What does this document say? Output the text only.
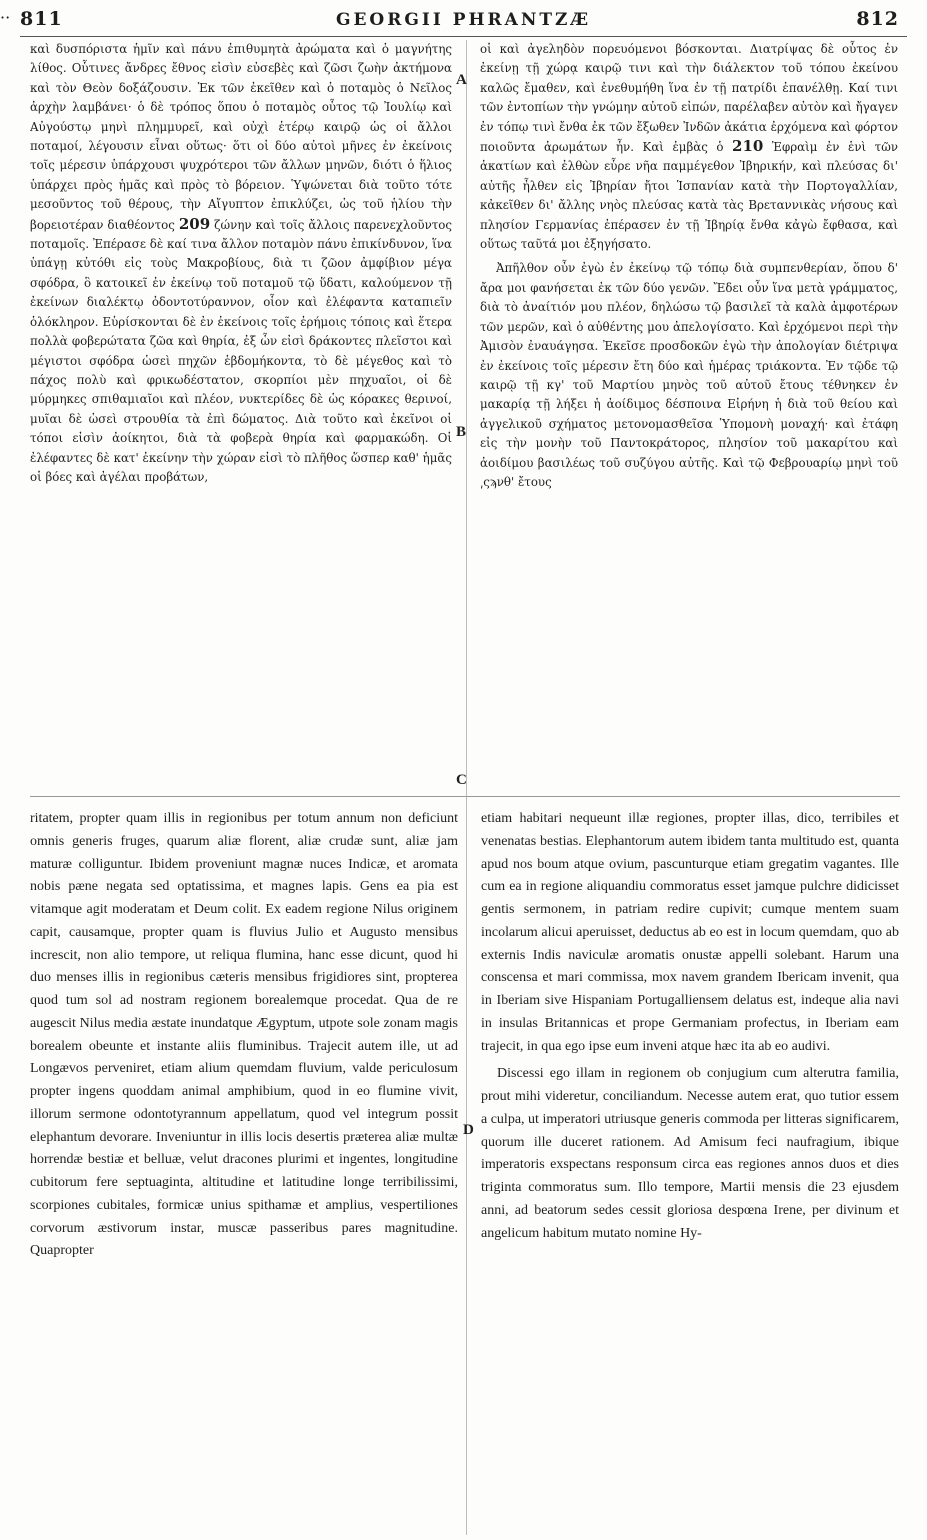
·· 811	GEORGII PHRANTZÆ	812

καὶ δυσπόριστα ἡμῖν καὶ πάνυ ἐπιθυμητὰ ἀρώματα καὶ ὁ μαγνήτης λίθος. Οὗτινες ἄνδρες ἔθνος εἰσὶν εὐσεβὲς καὶ ζῶσι ζωὴν ἀκτήμονα καὶ τὸν Θεὸν δοξάζουσιν. Ἐκ τῶν ἐκεῖθεν καὶ ὁ ποταμὸς ὁ Νεῖλος ἀρχὴν λαμβάνει· ὁ δὲ τρόπος ὅπου ὁ ποταμὸς οὗτος τῷ Ἰουλίῳ καὶ Αὐγούστῳ μηνὶ πλημμυρεῖ, καὶ οὐχὶ ἑτέρῳ καιρῷ ὡς οἱ ἄλλοι ποταμοί, λέγουσιν εἶναι οὕτως· ὅτι οἱ δύο αὐτοὶ μῆνες ἐν ἐκείνοις τοῖς μέρεσιν ὑπάρχουσι ψυχρότεροι τῶν ἄλλων μηνῶν, διότι ὁ ἥλιος ὑπάρχει πρὸς ἡμᾶς καὶ πρὸς τὸ βόρειον. Ὑψώνεται διὰ τοῦτο τότε μεσοῦντος τοῦ θέρους, τὴν Αἴγυπτον ἐπικλύζει, ὡς τοῦ ἡλίου τὴν βορειοτέραν διαθέοντος 209 ζώνην καὶ τοῖς ἄλλοις παρενεχλοῦντος ποταμοῖς. Ἐπέρασε δὲ καί τινα ἄλλον ποταμὸν πάνυ ἐπικίνδυνον, ἵνα ὑπάγῃ κὐτόθι εἰς τοὺς Μακροβίους, διὰ τι ζῶον ἀμφίβιον μέγα σφόδρα, ὃ κατοικεῖ ἐν ἐκείνῳ τοῦ ποταμοῦ τῷ ὕδατι, καλούμενον τῇ ἐκείνων διαλέκτῳ ὀδοντοτύραννον, οἷον καὶ ἐλέφαντα καταπιεῖν ὁλόκληρον. Εὑρίσκονται δὲ ἐν ἐκείνοις τοῖς ἐρήμοις τόποις καὶ ἕτερα πολλὰ φοβερώτατα ζῶα καὶ θηρία, ἐξ ὧν εἰσὶ δράκοντες πλεῖστοι καὶ μέγιστοι σφόδρα ὡσεὶ πηχῶν ἑβδομήκοντα, τὸ δὲ μέγεθος καὶ τὸ πάχος πολὺ καὶ φρικωδέστατον, σκορπίοι μὲν πηχυαῖοι, οἱ δὲ μύρμηκες σπιθαμιαῖοι καὶ πλέον, νυκτερίδες δὲ ὡς κόρακες θερινοί, μυῖαι δὲ ὡσεὶ στρουθία τὰ ἐπὶ δώματος. Διὰ τοῦτο καὶ ἐκεῖνοι οἱ τόποι εἰσὶν ἀοίκητοι, διὰ τὰ φοβερὰ θηρία καὶ φαρμακώδη. Οἱ ἐλέφαντες δὲ κατ' ἐκείνην τὴν χώραν εἰσὶ τὸ πλῆθος ὥσπερ καθ' ἡμᾶς οἱ βόες καὶ ἀγέλαι προβάτων,

οἱ καὶ ἀγεληδὸν πορευόμενοι βόσκονται. Διατρίψας δὲ οὗτος ἐν ἐκείνῃ τῇ χώρᾳ καιρῷ τινι καὶ τὴν διάλεκτον τοῦ τόπου ἐκείνου καλῶς ἔμαθεν, καὶ ἐνεθυμήθη ἵνα ἐν τῇ πατρίδι ἐπανέλθῃ. Καί τινι τῶν ἐντοπίων τὴν γνώμην αὐτοῦ εἰπών, παρέλαβεν αὐτὸν καὶ ἤγαγεν ἐν τόπῳ τινὶ ἔνθα ἐκ τῶν ἔξωθεν Ἰνδῶν ἀκάτια ἐρχόμενα καὶ φόρτον ποιοῦντα ἀρωμάτων ἦν. Καὶ ἐμβὰς ὁ 210 Ἐφραὶμ ἐν ἑνὶ τῶν ἀκατίων καὶ ἐλθὼν εὗρε νῆα παμμέγεθον Ἰβηρικήν, καὶ πλεύσας δι' αὐτῆς ἦλθεν εἰς Ἰβηρίαν ἤτοι Ἱσπανίαν κατὰ τὴν Πορτογαλλίαν, κἀκεῖθεν δι' ἄλλης νηὸς πλεύσας κατὰ τὰς Βρεταννικὰς νήσους καὶ πλησίον Γερμανίας ἐπέρασεν ἐν τῇ Ἰβηρίᾳ ἔνθα κἀγὼ ἔφθασα, καὶ οὕτως ταῦτά μοι ἐξηγήσατο.

Ἀπῆλθον οὖν ἐγὼ ἐν ἐκείνῳ τῷ τόπῳ διὰ συμπενθερίαν, ὅπου δ' ἄρα μοι φανήσεται ἐκ τῶν δύο γενῶν. Ἔδει οὖν ἵνα μετὰ γράμματος, διὰ τὸ ἀναίτιόν μου πλέον, δηλώσω τῷ βασιλεῖ τὰ καλὰ ἀμφοτέρων τῶν μερῶν, καὶ ὁ αὐθέντης μου ἀπελογίσατο. Καὶ ἐρχόμενοι περὶ τὴν Ἀμισὸν ἐναυάγησα. Ἐκεῖσε προσδοκῶν ἐγὼ τὴν ἀπολογίαν διέτριψα ἐν ἐκείνοις τοῖς μέρεσιν ἔτη δύο καὶ ἡμέρας τριάκοντα. Ἐν τῷδε τῷ καιρῷ τῇ κγ' τοῦ Μαρτίου μηνὸς τοῦ αὐτοῦ ἔτους τέθνηκεν ἐν μακαρίᾳ τῇ λήξει ἡ ἀοίδιμος δέσποινα Εἰρήνη ἡ διὰ τοῦ θείου καὶ ἀγγελικοῦ σχήματος μετονομασθεῖσα Ὑπομονὴ μοναχή· καὶ ἐτάφη εἰς τὴν μονὴν τοῦ Παντοκράτορος, πλησίον τοῦ μακαρίτου καὶ ἀοιδίμου βασιλέως τοῦ συζύγου αὐτῆς. Καὶ τῷ Φεβρουαρίῳ μηνὶ τοῦ ͵ςϡνθ' ἔτους

A
B
C
D

ritatem, propter quam illis in regionibus per totum annum non deficiunt omnis generis fruges, quarum aliæ florent, aliæ crudæ sunt, aliæ jam maturæ colliguntur. Ibidem proveniunt magnæ nuces Indicæ, et aromata nobis pæne negata sed optatissima, et magnes lapis. Gens ea pia est vitamque agit moderatam et Deum colit. Ex eadem regione Nilus originem capit, causamque, propter quam is fluvius Julio et Augusto mensibus increscit, non alio tempore, ut reliqua flumina, hanc esse dicunt, quod hi duo menses illis in regionibus cæteris mensibus frigidiores sint, propterea quod tum sol ad nostram regionem borealemque procedat. Qua de re augescit Nilus media æstate inundatque Ægyptum, utpote sole zonam magis borealem obeunte et instante aliis fluminibus. Trajecit autem ille, ut ad Longævos perveniret, etiam alium quemdam fluvium, valde periculosum propter ingens quoddam animal amphibium, quod in eo flumine vivit, illorum sermone odontotyrannum appellatum, quod vel integrum possit elephantum devorare. Inveniuntur in illis locis desertis præterea aliæ multæ horrendæ bestiæ et belluæ, velut dracones plurimi et ingentes, longitudine cubitorum fere septuaginta, altitudine et latitudine longe terribilissimi, scorpiones cubitales, formicæ unius spithamæ et amplius, vespertiliones corvorum æstivorum instar, muscæ passeribus pares magnitudine. Quapropter

etiam habitari nequeunt illæ regiones, propter illas, dico, terribiles et venenatas bestias. Elephantorum autem ibidem tanta multitudo est, quanta apud nos boum atque ovium, pascunturque etiam gregatim vagantes. Ille cum ea in regione aliquandiu commoratus esset jamque pulchre didicisset gentis sermonem, in patriam redire cupivit; cumque mentem suam incolarum alicui aperuisset, deductus ab eo est in locum quemdam, quo ab externis Indis naviculæ aromatis onustæ appelli solebant. Harum una conscensa et mari commissa, mox navem grandem Ibericam invenit, qua in Iberiam sive Hispaniam Portugalliensem delatus est, indeque alia navi in insulas Britannicas et prope Germaniam profectus, in Iberiam eam trajecit, in qua ego ipse eum inveni atque hæc ita ab eo audivi.

Discessi ego illam in regionem ob conjugium cum alterutra familia, prout mihi videretur, conciliandum. Necesse autem erat, quo tutior essem a culpa, ut imperatori utriusque generis commoda per litteras significarem, quorum ille duceret rationem. Ad Amisum feci naufragium, ibique imperatoris exspectans responsum circa eas regiones annos duos et dies triginta commoratus sum. Illo tempore, Martii mensis die 23 ejusdem anni, ad beatorum sedes cessit gloriosa despœna Irene, per divinum et angelicum habitum mutato nomine Hy-
